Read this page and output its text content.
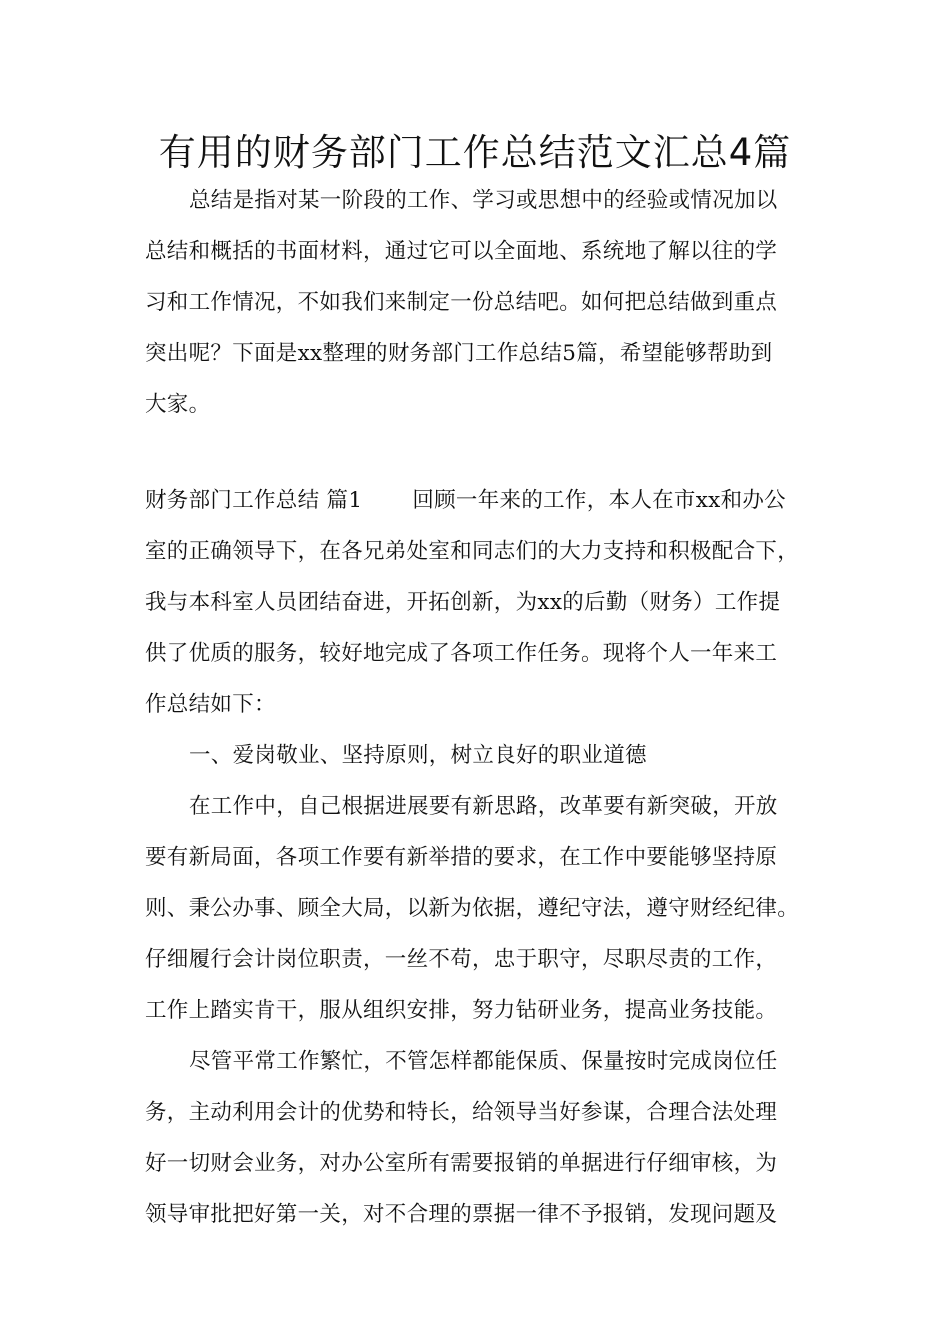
有用的财务部门工作总结范文汇总4篇
总结是指对某一阶段的工作、学习或思想中的经验或情况加以
总结和概括的书面材料，通过它可以全面地、系统地了解以往的学
习和工作情况，不如我们来制定一份总结吧。如何把总结做到重点
突出呢？下面是xx整理的财务部门工作总结5篇，希望能够帮助到
大家。
财务部门工作总结 篇1 回顾一年来的工作，本人在市xx和办公
室的正确领导下，在各兄弟处室和同志们的大力支持和积极配合下，
我与本科室人员团结奋进，开拓创新，为xx的后勤（财务）工作提
供了优质的服务，较好地完成了各项工作任务。现将个人一年来工
作总结如下：
一、爱岗敬业、坚持原则，树立良好的职业道德
在工作中，自己根据进展要有新思路，改革要有新突破，开放
要有新局面，各项工作要有新举措的要求，在工作中要能够坚持原
则、秉公办事、顾全大局，以新为依据，遵纪守法，遵守财经纪律。
仔细履行会计岗位职责，一丝不苟，忠于职守，尽职尽责的工作，
工作上踏实肯干，服从组织安排，努力钻研业务，提高业务技能。
尽管平常工作繁忙，不管怎样都能保质、保量按时完成岗位任
务，主动利用会计的优势和特长，给领导当好参谋，合理合法处理
好一切财会业务，对办公室所有需要报销的单据进行仔细审核，为
领导审批把好第一关，对不合理的票据一律不予报销，发现问题及
